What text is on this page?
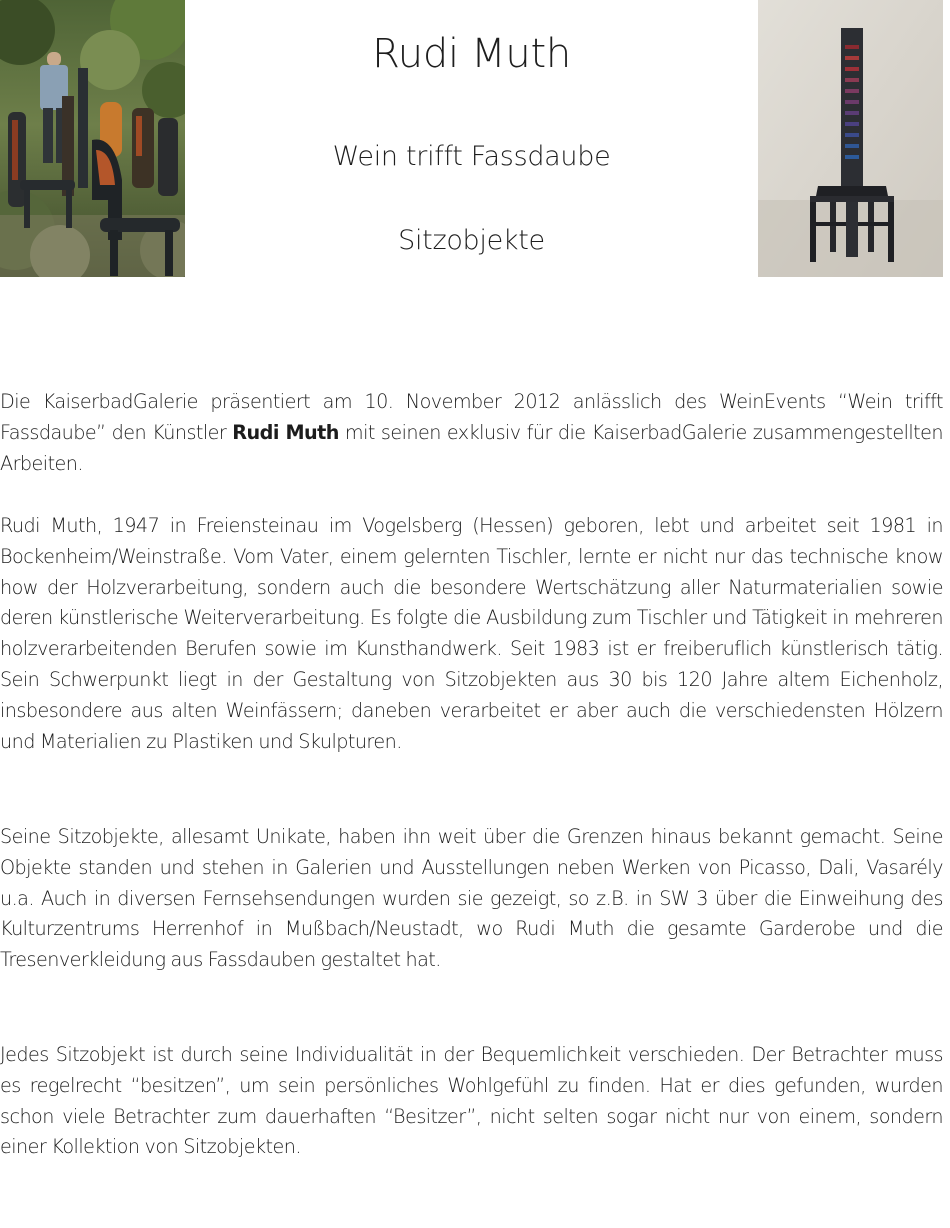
Rudi Muth
Wein trifft Fassdaube
Sitzobjekte

Die KaiserbadGalerie präsentiert am 10. November 2012 anlässlich des WeinEvents “Wein trifft Fassdaube” den Künstler Rudi Muth mit seinen exklusiv für die KaiserbadGalerie zusammengestellten Arbeiten.

Rudi Muth, 1947 in Freiensteinau im Vogelsberg (Hessen) geboren, lebt und arbeitet seit 1981 in Bockenheim/Weinstraße. Vom Vater, einem gelernten Tischler, lernte er nicht nur das technische know how der Holzverarbeitung, sondern auch die besondere Wertschätzung aller Naturmaterialien sowie deren künstlerische Weiterverarbeitung. Es folgte die Ausbildung zum Tischler und Tätigkeit in mehreren holzverarbeitenden Berufen sowie im Kunsthandwerk. Seit 1983 ist er freiberuflich künstlerisch tätig. Sein Schwerpunkt liegt in der Gestaltung von Sitzobjekten aus 30 bis 120 Jahre altem Eichenholz, insbesondere aus alten Weinfässern; daneben verarbeitet er aber auch die verschiedensten Hölzern und Materialien zu Plastiken und Skulpturen.

Seine Sitzobjekte, allesamt Unikate, haben ihn weit über die Grenzen hinaus bekannt gemacht. Seine Objekte standen und stehen in Galerien und Ausstellungen neben Werken von Picasso, Dali, Vasarély u.a. Auch in diversen Fernsehsendungen wurden sie gezeigt, so z.B. in SW 3 über die Einweihung des Kulturzentrums Herrenhof in Mußbach/Neustadt, wo Rudi Muth die gesamte Garderobe und die Tresenverkleidung aus Fassdauben gestaltet hat.

Jedes Sitzobjekt ist durch seine Individualität in der Bequemlichkeit verschieden. Der Betrachter muss es regelrecht “besitzen”, um sein persönliches Wohlgefühl zu finden. Hat er dies gefunden, wurden schon viele Betrachter zum dauerhaften “Besitzer”, nicht selten sogar nicht nur von einem, sondern einer Kollektion von Sitzobjekten.
